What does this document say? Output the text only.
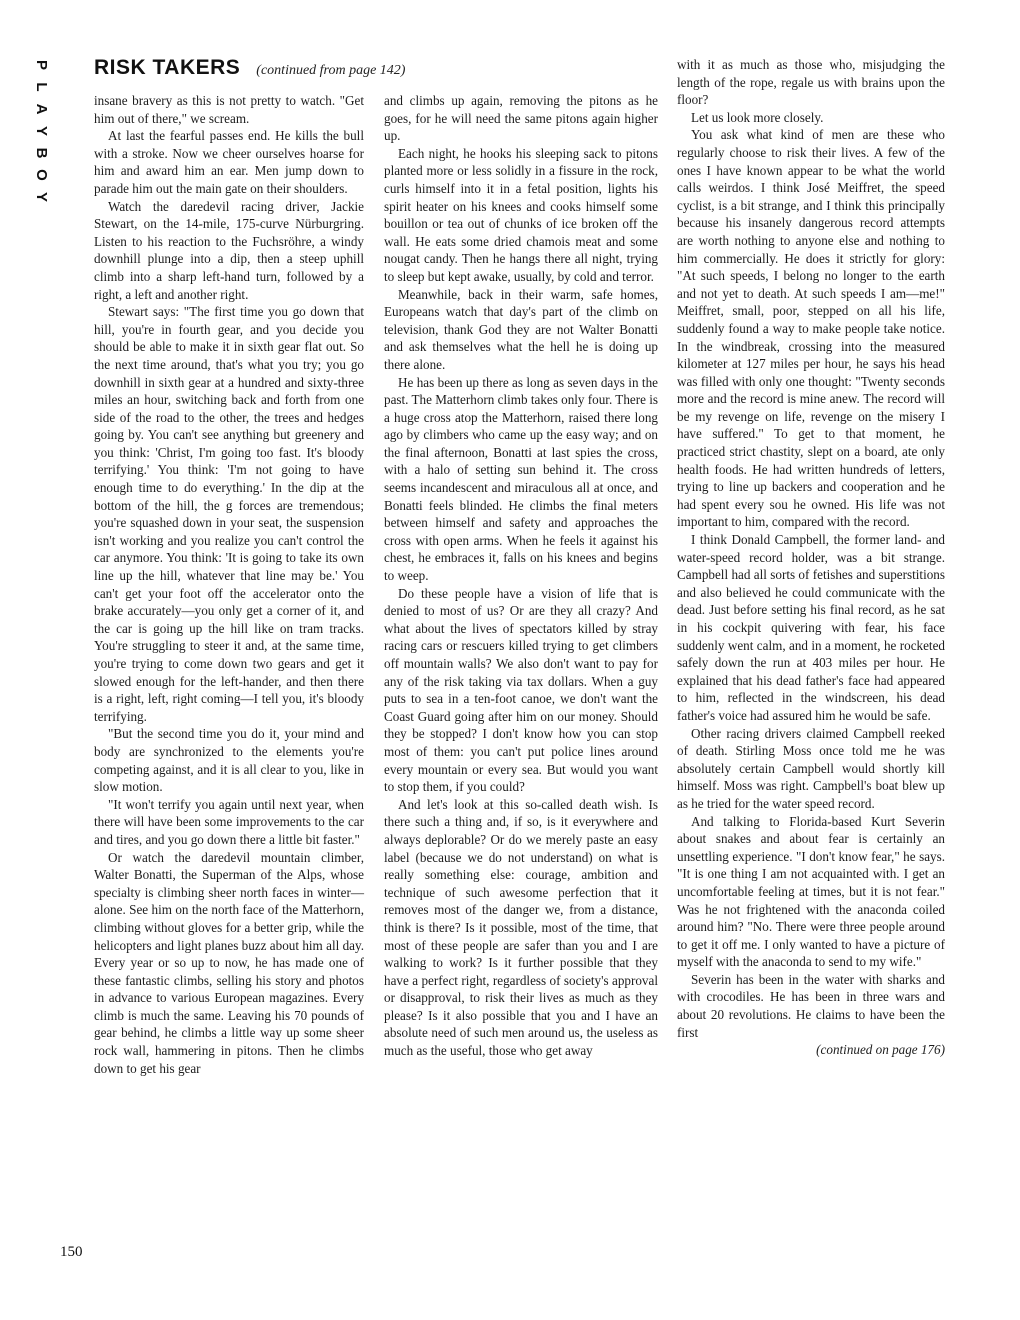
P
L
A
Y
B
O
Y
RISK TAKERS (continued from page 142)

insane bravery as this is not pretty to watch. "Get him out of there," we scream.

At last the fearful passes end. He kills the bull with a stroke. Now we cheer ourselves hoarse for him and award him an ear. Men jump down to parade him out the main gate on their shoulders.

Watch the daredevil racing driver, Jackie Stewart, on the 14-mile, 175-curve Nürburgring. Listen to his reaction to the Fuchsröhre, a windy downhill plunge into a dip, then a steep uphill climb into a sharp left-hand turn, followed by a right, a left and another right.

Stewart says: "The first time you go down that hill, you're in fourth gear, and you decide you should be able to make it in sixth gear flat out. So the next time around, that's what you try; you go downhill in sixth gear at a hundred and sixty-three miles an hour, switching back and forth from one side of the road to the other, the trees and hedges going by. You can't see anything but greenery and you think: 'Christ, I'm going too fast. It's bloody terrifying.' You think: 'I'm not going to have enough time to do everything.' In the dip at the bottom of the hill, the g forces are tremendous; you're squashed down in your seat, the suspension isn't working and you realize you can't control the car anymore. You think: 'It is going to take its own line up the hill, whatever that line may be.' You can't get your foot off the accelerator onto the brake accurately—you only get a corner of it, and the car is going up the hill like on tram tracks. You're struggling to steer it and, at the same time, you're trying to come down two gears and get it slowed enough for the left-hander, and then there is a right, left, right coming—I tell you, it's bloody terrifying.

"But the second time you do it, your mind and body are synchronized to the elements you're competing against, and it is all clear to you, like in slow motion.

"It won't terrify you again until next year, when there will have been some improvements to the car and tires, and you go down there a little bit faster."

Or watch the daredevil mountain climber, Walter Bonatti, the Superman of the Alps, whose specialty is climbing sheer north faces in winter—alone. See him on the north face of the Matterhorn, climbing without gloves for a better grip, while the helicopters and light planes buzz about him all day. Every year or so up to now, he has made one of these fantastic climbs, selling his story and photos in advance to various European magazines. Every climb is much the same. Leaving his 70 pounds of gear behind, he climbs a little way up some sheer rock wall, hammering in pitons. Then he climbs down to get his gear

and climbs up again, removing the pitons as he goes, for he will need the same pitons again higher up.

Each night, he hooks his sleeping sack to pitons planted more or less solidly in a fissure in the rock, curls himself into it in a fetal position, lights his spirit heater on his knees and cooks himself some bouillon or tea out of chunks of ice broken off the wall. He eats some dried chamois meat and some nougat candy. Then he hangs there all night, trying to sleep but kept awake, usually, by cold and terror.

Meanwhile, back in their warm, safe homes, Europeans watch that day's part of the climb on television, thank God they are not Walter Bonatti and ask themselves what the hell he is doing up there alone.

He has been up there as long as seven days in the past. The Matterhorn climb takes only four. There is a huge cross atop the Matterhorn, raised there long ago by climbers who came up the easy way; and on the final afternoon, Bonatti at last spies the cross, with a halo of setting sun behind it. The cross seems incandescent and miraculous all at once, and Bonatti feels blinded. He climbs the final meters between himself and safety and approaches the cross with open arms. When he feels it against his chest, he embraces it, falls on his knees and begins to weep.

Do these people have a vision of life that is denied to most of us? Or are they all crazy? And what about the lives of spectators killed by stray racing cars or rescuers killed trying to get climbers off mountain walls? We also don't want to pay for any of the risk taking via tax dollars. When a guy puts to sea in a ten-foot canoe, we don't want the Coast Guard going after him on our money. Should they be stopped? I don't know how you can stop most of them: you can't put police lines around every mountain or every sea. But would you want to stop them, if you could?

And let's look at this so-called death wish. Is there such a thing and, if so, is it everywhere and always deplorable? Or do we merely paste an easy label (because we do not understand) on what is really something else: courage, ambition and technique of such awesome perfection that it removes most of the danger we, from a distance, think is there? Is it possible, most of the time, that most of these people are safer than you and I are walking to work? Is it further possible that they have a perfect right, regardless of society's approval or disapproval, to risk their lives as much as they please? Is it also possible that you and I have an absolute need of such men around us, the useless as much as the useful, those who get away

with it as much as those who, misjudging the length of the rope, regale us with brains upon the floor?

Let us look more closely.

You ask what kind of men are these who regularly choose to risk their lives. A few of the ones I have known appear to be what the world calls weirdos. I think José Meiffret, the speed cyclist, is a bit strange, and I think this principally because his insanely dangerous record attempts are worth nothing to anyone else and nothing to him commercially. He does it strictly for glory: "At such speeds, I belong no longer to the earth and not yet to death. At such speeds I am—me!" Meiffret, small, poor, stepped on all his life, suddenly found a way to make people take notice. In the windbreak, crossing into the measured kilometer at 127 miles per hour, he says his head was filled with only one thought: "Twenty seconds more and the record is mine anew. The record will be my revenge on life, revenge on the misery I have suffered." To get to that moment, he practiced strict chastity, slept on a board, ate only health foods. He had written hundreds of letters, trying to line up backers and cooperation and he had spent every sou he owned. His life was not important to him, compared with the record.

I think Donald Campbell, the former land- and water-speed record holder, was a bit strange. Campbell had all sorts of fetishes and superstitions and also believed he could communicate with the dead. Just before setting his final record, as he sat in his cockpit quivering with fear, his face suddenly went calm, and in a moment, he rocketed safely down the run at 403 miles per hour. He explained that his dead father's face had appeared to him, reflected in the windscreen, his dead father's voice had assured him he would be safe.

Other racing drivers claimed Campbell reeked of death. Stirling Moss once told me he was absolutely certain Campbell would shortly kill himself. Moss was right. Campbell's boat blew up as he tried for the water speed record.

And talking to Florida-based Kurt Severin about snakes and about fear is certainly an unsettling experience. "I don't know fear," he says. "It is one thing I am not acquainted with. I get an uncomfortable feeling at times, but it is not fear." Was he not frightened with the anaconda coiled around him? "No. There were three people around to get it off me. I only wanted to have a picture of myself with the anaconda to send to my wife."

Severin has been in the water with sharks and with crocodiles. He has been in three wars and about 20 revolutions. He claims to have been the first

(continued on page 176)

150
